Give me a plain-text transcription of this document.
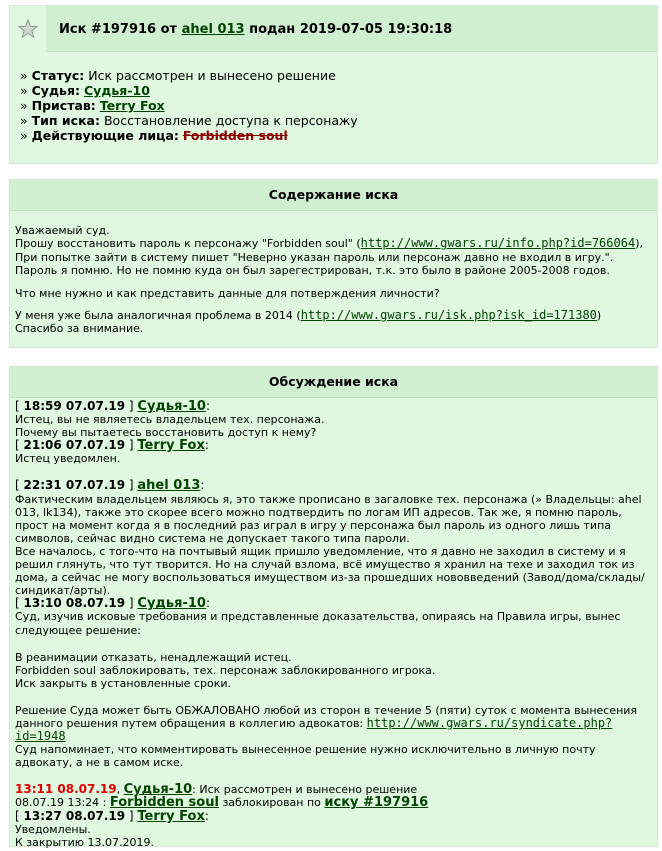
Иск #197916 от ahel 013 подан 2019-07-05 19:30:18
» Статус: Иск рассмотрен и вынесено решение
» Судья: Судья-10
» Пристав: Terry Fox
» Тип иска: Восстановление доступа к персонажу
» Действующие лица: Forbidden soul
Содержание иска
Уважаемый суд.
Прошу восстановить пароль к персонажу "Forbidden soul" (http://www.gwars.ru/info.php?id=766064),
При попытке зайти в систему пишет "Неверно указан пароль или персонаж давно не входил в игру.". Пароль я помню. Но не помню куда он был зарегестрирован, т.к. это было в районе 2005-2008 годов.
Что мне нужно и как представить данные для потверждения личности?
У меня уже была аналогичная проблема в 2014 (http://www.gwars.ru/isk.php?isk_id=171380)
Спасибо за внимание.
Обсуждение иска
[ 18:59 07.07.19 ] Судья-10:
Истец, вы не являетесь владельцем тех. персонажа.
Почему вы пытаетесь восстановить доступ к нему?
[ 21:06 07.07.19 ] Terry Fox:
Истец уведомлен.
[ 22:31 07.07.19 ] ahel 013:
Фактическим владельцем являюсь я, это также прописано в загаловке тех. персонажа (» Владельцы: ahel 013, lk134), также это скорее всего можно подтвердить по логам ИП адресов. Так же, я помню пароль, прост на момент когда я в последний раз играл в игру у персонажа был пароль из одного лишь типа символов, сейчас видно система не допускает такого типа пароли.
Все началось, с того-что на почтывый ящик пришло уведомление, что я давно не заходил в систему и я решил глянуть, что тут творится. Но на случай взлома, всё имущество я хранил на техе и заходил ток из дома, а сейчас не могу воспользоваться имуществом из-за прошедших нововведений (Завод/дома/склады/синдикат/арты).
[ 13:10 08.07.19 ] Судья-10:
Суд, изучив исковые требования и представленные доказательства, опираясь на Правила игры, вынес следующее решение:
В реанимации отказать, ненадлежащий истец.
Forbidden soul заблокировать, тех. персонаж заблокированного игрока.
Иск закрыть в установленные сроки.
Решение Суда может быть ОБЖАЛОВАНО любой из сторон в течение 5 (пяти) суток с момента вынесения данного решения путем обращения в коллегию адвокатов: http://www.gwars.ru/syndicate.php?id=1948
Суд напоминает, что комментировать вынесенное решение нужно исключительно в личную почту адвокату, а не в самом иске.
13:11 08.07.19, Судья-10: Иск рассмотрен и вынесено решение
08.07.19 13:24 : Forbidden soul заблокирован по иску #197916
[ 13:27 08.07.19 ] Terry Fox:
Уведомлены.
К закрытию 13.07.2019.
